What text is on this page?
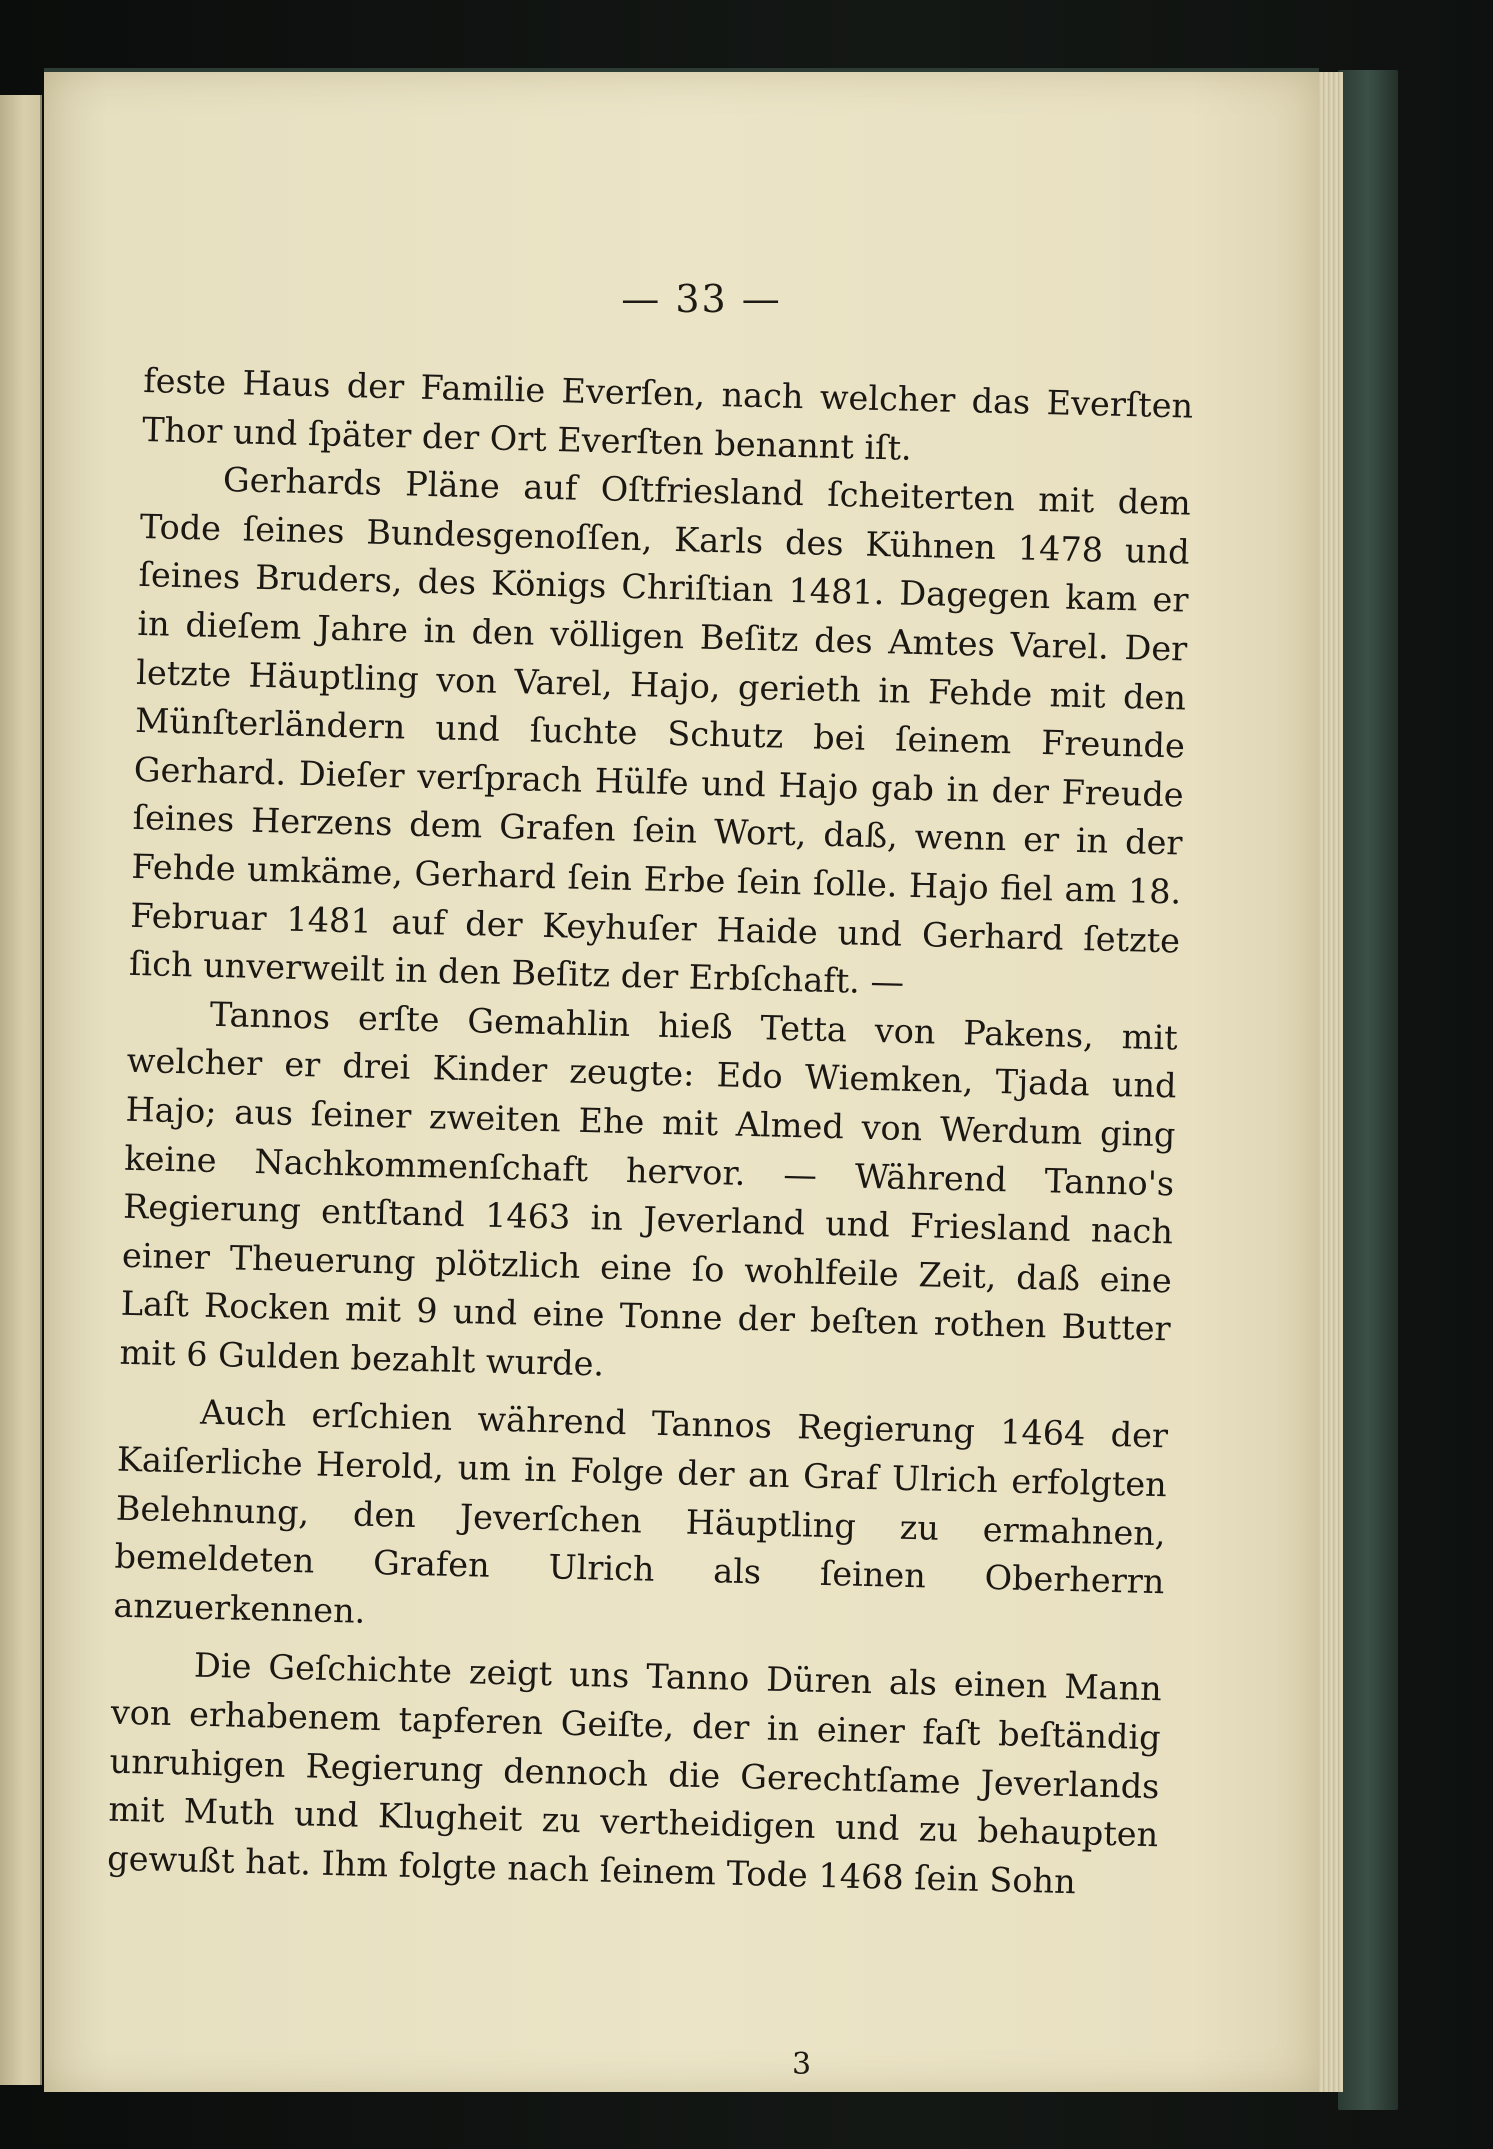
— 33 —

feste Haus der Familie Everſen, nach welcher das Everſten Thor und ſpäter der Ort Everſten benannt iſt.

Gerhards Pläne auf Oſtfriesland ſcheiterten mit dem Tode ſeines Bundesgenoſſen, Karls des Kühnen 1478 und ſeines Bruders, des Königs Chriſtian 1481. Dagegen kam er in dieſem Jahre in den völligen Beſitz des Amtes Varel. Der letzte Häuptling von Varel, Hajo, gerieth in Fehde mit den Münſterländern und ſuchte Schutz bei ſeinem Freunde Gerhard. Dieſer verſprach Hülfe und Hajo gab in der Freude ſeines Herzens dem Grafen ſein Wort, daß, wenn er in der Fehde umkäme, Gerhard ſein Erbe ſein ſolle. Hajo fiel am 18. Februar 1481 auf der Keyhuſer Haide und Gerhard ſetzte ſich unverweilt in den Beſitz der Erbſchaft. —

Tannos erſte Gemahlin hieß Tetta von Pakens, mit welcher er drei Kinder zeugte: Edo Wiemken, Tjada und Hajo; aus ſeiner zweiten Ehe mit Almed von Werdum ging keine Nachkommenſchaft hervor. — Während Tanno's Regierung entſtand 1463 in Jeverland und Friesland nach einer Theuerung plötzlich eine ſo wohlfeile Zeit, daß eine Laſt Rocken mit 9 und eine Tonne der beſten rothen Butter mit 6 Gulden bezahlt wurde.

Auch erſchien während Tannos Regierung 1464 der Kaiſerliche Herold, um in Folge der an Graf Ulrich erfolgten Belehnung, den Jeverſchen Häuptling zu ermahnen, bemeldeten Grafen Ulrich als ſeinen Oberherrn anzuerkennen.

Die Geſchichte zeigt uns Tanno Düren als einen Mann von erhabenem tapferen Geiſte, der in einer faſt beſtändig unruhigen Regierung dennoch die Gerechtſame Jeverlands mit Muth und Klugheit zu vertheidigen und zu behaupten gewußt hat. Ihm folgte nach ſeinem Tode 1468 ſein Sohn

3
